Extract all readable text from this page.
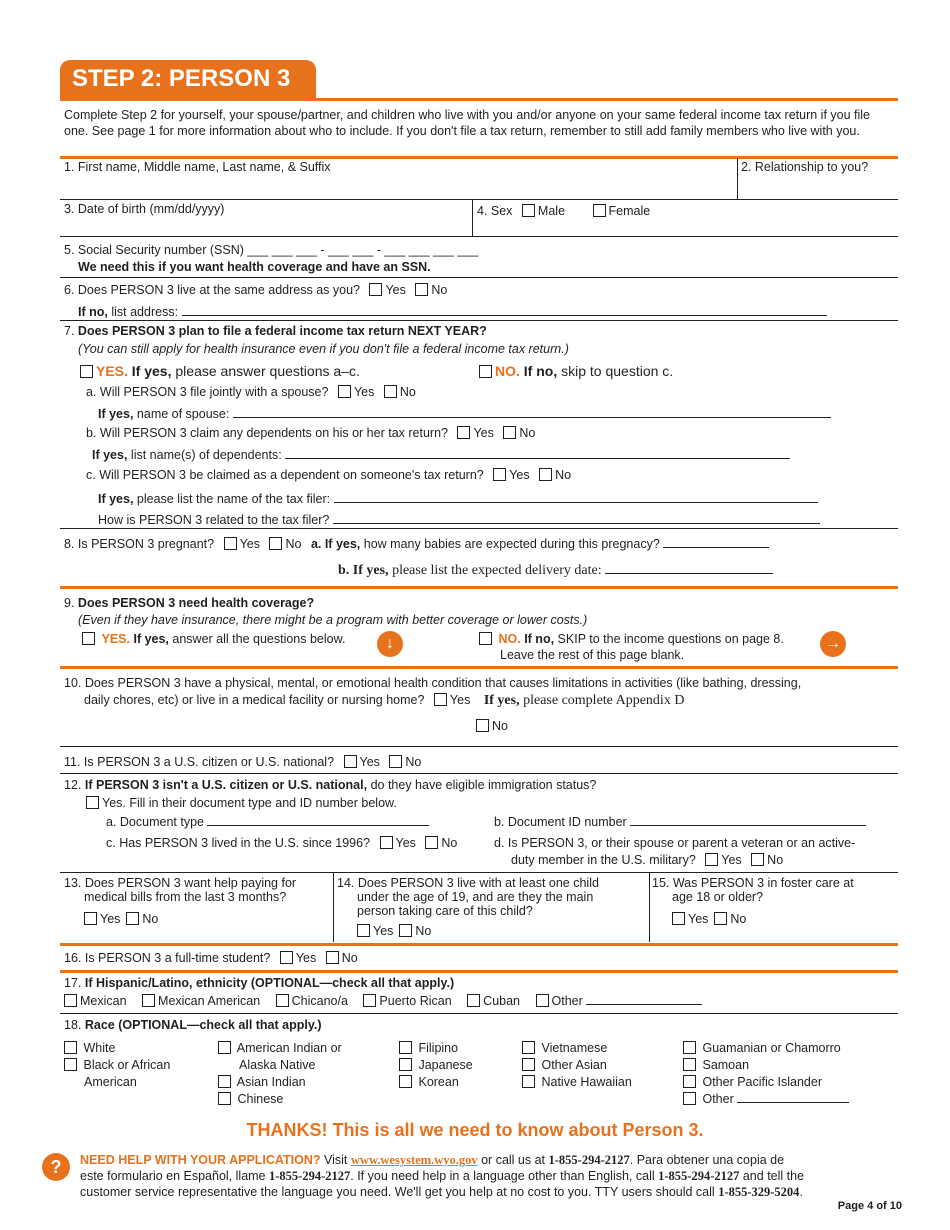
STEP 2: PERSON 3
Complete Step 2 for yourself, your spouse/partner, and children who live with you and/or anyone on your same federal income tax return if you file one. See page 1 for more information about who to include. If you don't file a tax return, remember to still add family members who live with you.
1. First name, Middle name, Last name, & Suffix	2. Relationship to you?
3. Date of birth (mm/dd/yyyy)	4. Sex Male	Female
5. Social Security number (SSN) ___ ___ ___ - ___ ___ - ___ ___ ___ ___
We need this if you want health coverage and have an SSN.
6. Does PERSON 3 live at the same address as you? Yes No
If no, list address:
7. Does PERSON 3 plan to file a federal income tax return NEXT YEAR?
(You can still apply for health insurance even if you don't file a federal income tax return.)
YES. If yes, please answer questions a–c.	NO. If no, skip to question c.
a. Will PERSON 3 file jointly with a spouse? Yes No
If yes, name of spouse:
b. Will PERSON 3 claim any dependents on his or her tax return? Yes No
If yes, list name(s) of dependents:
c. Will PERSON 3 be claimed as a dependent on someone's tax return? Yes No
If yes, please list the name of the tax filer:
How is PERSON 3 related to the tax filer?
8. Is PERSON 3 pregnant? Yes No a. If yes, how many babies are expected during this pregnacy?
b. If yes, please list the expected delivery date:
9. Does PERSON 3 need health coverage?
(Even if they have insurance, there might be a program with better coverage or lower costs.)
YES. If yes, answer all the questions below.	↓	NO. If no, SKIP to the income questions on page 8.
Leave the rest of this page blank.
→
10. Does PERSON 3 have a physical, mental, or emotional health condition that causes limitations in activities (like bathing, dressing,
daily chores, etc) or live in a medical facility or nursing home? Yes If yes, please complete Appendix D
No
11. Is PERSON 3 a U.S. citizen or U.S. national? Yes No
12. If PERSON 3 isn't a U.S. citizen or U.S. national, do they have eligible immigration status?
Yes. Fill in their document type and ID number below.
a. Document type	b. Document ID number
c. Has PERSON 3 lived in the U.S. since 1996? Yes No	d. Is PERSON 3, or their spouse or parent a veteran or an active-
duty member in the U.S. military? Yes No
13. Does PERSON 3 want help paying for
medical bills from the last 3 months?
Yes No
14. Does PERSON 3 live with at least one child
under the age of 19, and are they the main
person taking care of this child?
Yes No
15. Was PERSON 3 in foster care at
age 18 or older?
Yes No
16. Is PERSON 3 a full-time student? Yes No
17. If Hispanic/Latino, ethnicity (OPTIONAL—check all that apply.)
Mexican	Mexican American	Chicano/a	Puerto Rican	Cuban	Other
18. Race (OPTIONAL—check all that apply.)
White
Black or African
American
American Indian or
Alaska Native
Asian Indian
Chinese
Filipino
Japanese
Korean
Vietnamese
Other Asian
Native Hawaiian
Guamanian or Chamorro
Samoan
Other Pacific Islander
Other
THANKS! This is all we need to know about Person 3.
?	NEED HELP WITH YOUR APPLICATION? Visit www.wesystem.wyo.gov or call us at 1-855-294-2127. Para obtener una copia de
este formulario en Español, llame 1-855-294-2127. If you need help in a language other than English, call 1-855-294-2127 and tell the
customer service representative the language you need. We'll get you help at no cost to you. TTY users should call 1-855-329-5204.
Page 4 of 10
